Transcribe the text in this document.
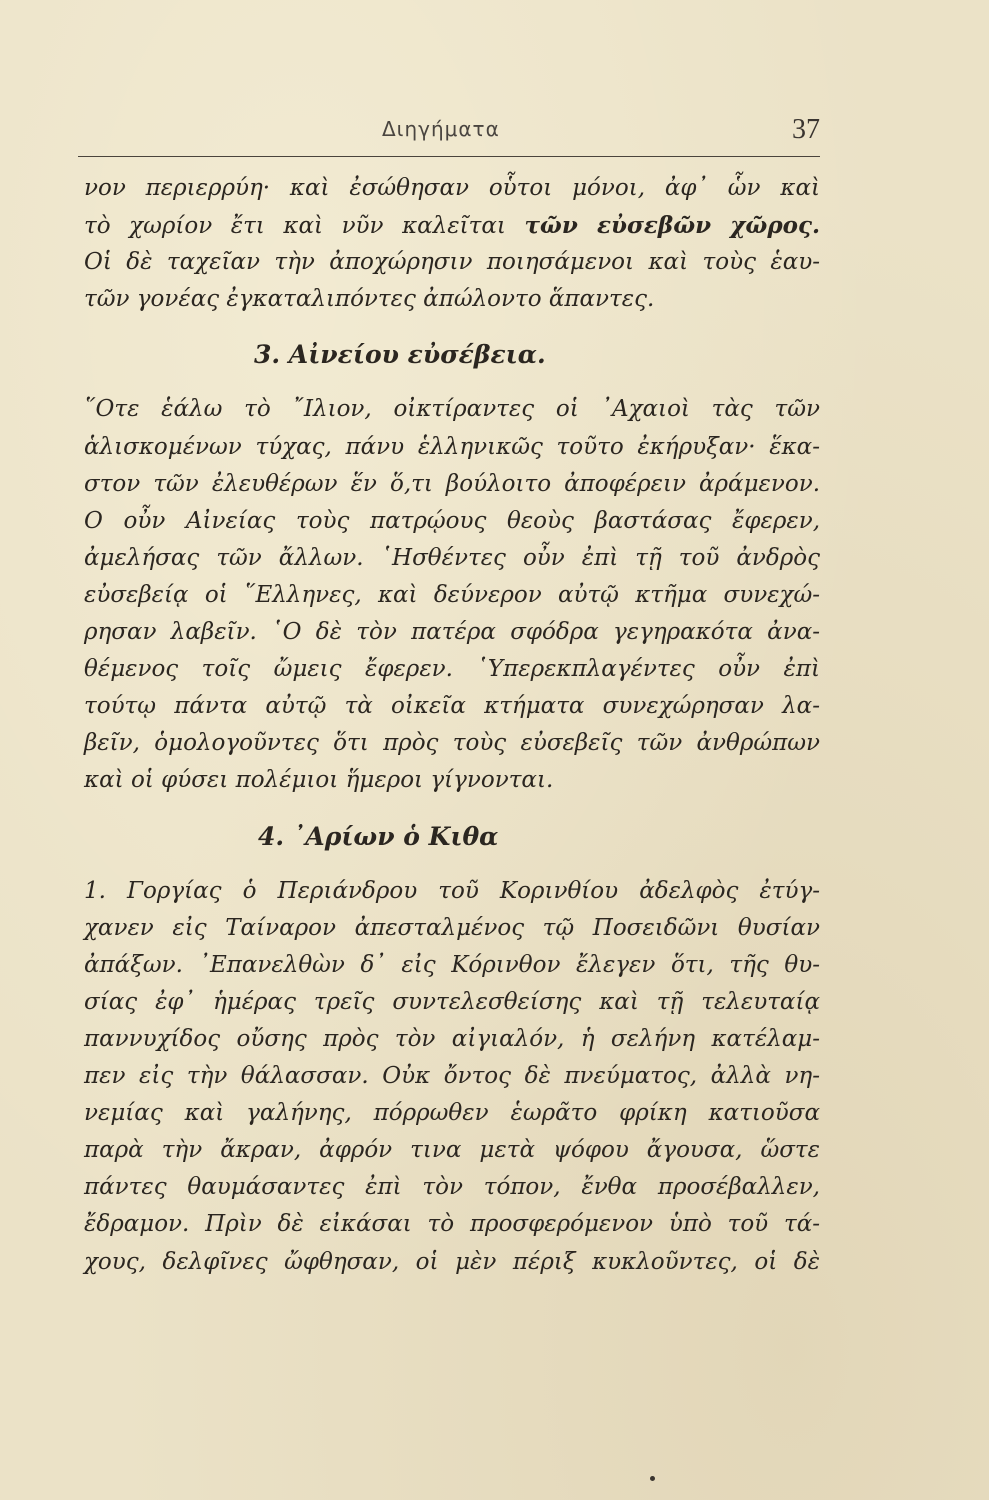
Διηγήματα	37
νον περιερρύη· καὶ ἐσώθησαν οὗτοι μόνοι, ἀφ᾽ ὧν καὶ
τὸ χωρίον ἔτι καὶ νῦν καλεῖται τῶν εὐσεβῶν χῶρος.
Οἱ δὲ ταχεῖαν τὴν ἀποχώρησιν ποιησάμενοι καὶ τοὺς ἑαυ-
τῶν γονέας ἐγκαταλιπόντες ἀπώλοντο ἅπαντες.
3. Αἰνείου εὐσέβεια.
῞Οτε ἑάλω τὸ ῎Ιλιον, οἰκτίραντες οἱ ᾿Αχαιοὶ τὰς τῶν
ἁλισκομένων τύχας, πάνυ ἑλληνικῶς τοῦτο ἐκήρυξαν· ἕκα-
στον τῶν ἐλευθέρων ἕν ὅ,τι βούλοιτο ἀποφέρειν ἀράμενον.
Ο οὖν Αἰνείας τοὺς πατρῴους θεοὺς βαστάσας ἔφερεν,
ἀμελήσας τῶν ἄλλων. ῾Ησθέντες οὖν ἐπὶ τῇ τοῦ ἀνδρὸς
εὐσεβείᾳ οἱ ῞Ελληνες, καὶ δεύνερον αὐτῷ κτῆμα συνεχώ-
ρησαν λαβεῖν. ῾Ο δὲ τὸν πατέρα σφόδρα γεγηρακότα ἀνα-
θέμενος τοῖς ὤμεις ἔφερεν. ῾Υπερεκπλαγέντες οὖν ἐπὶ
τούτῳ πάντα αὐτῷ τὰ οἰκεῖα κτήματα συνεχώρησαν λα-
βεῖν, ὁμολογοῦντες ὅτι πρὸς τοὺς εὐσεβεῖς τῶν ἀνθρώπων
καὶ οἱ φύσει πολέμιοι ἥμεροι γίγνονται.
4. ᾿Αρίων ὁ Κιθα
1. Γοργίας ὁ Περιάνδρου τοῦ Κορινθίου ἀδελφὸς ἐτύγ-
χανεν εἰς Ταίναρον ἀπεσταλμένος τῷ Ποσειδῶνι θυσίαν
ἀπάξων. ᾿Επανελθὼν δ᾽ εἰς Κόρινθον ἔλεγεν ὅτι, τῆς θυ-
σίας ἐφ᾽ ἡμέρας τρεῖς συντελεσθείσης καὶ τῇ τελευταίᾳ
παννυχίδος οὔσης πρὸς τὸν αἰγιαλόν, ἡ σελήνη κατέλαμ-
πεν εἰς τὴν θάλασσαν. Οὐκ ὄντος δὲ πνεύματος, ἀλλὰ νη-
νεμίας καὶ γαλήνης, πόρρωθεν ἑωρᾶτο φρίκη κατιοῦσα
παρὰ τὴν ἄκραν, ἀφρόν τινα μετὰ ψόφου ἄγουσα, ὥστε
πάντες θαυμάσαντες ἐπὶ τὸν τόπον, ἔνθα προσέβαλλεν,
ἔδραμον. Πρὶν δὲ εἰκάσαι τὸ προσφερόμενον ὑπὸ τοῦ τά-
χους, δελφῖνες ὤφθησαν, οἱ μὲν πέριξ κυκλοῦντες, οἱ δὲ
